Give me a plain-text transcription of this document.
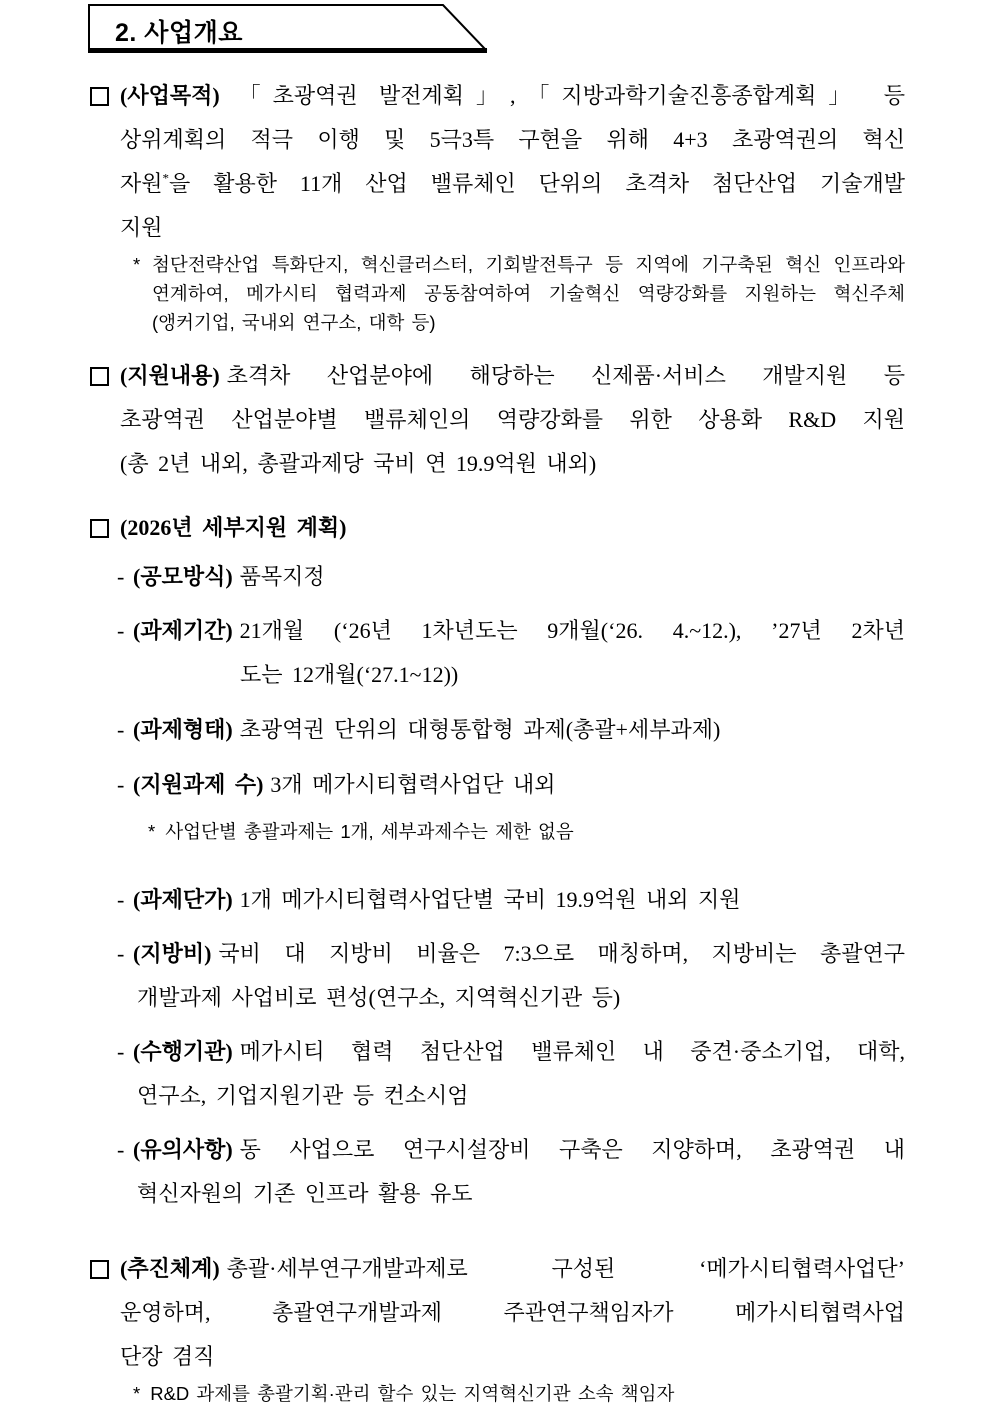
2. 사업개요
(사업목적) 「초광역권 발전계획」,「지방과학기술진흥종합계획」 등
상위계획의 적극 이행 및 5극3특 구현을 위해 4+3 초광역권의 혁신
자원*을 활용한 11개 산업 밸류체인 단위의 초격차 첨단산업 기술개발
지원
* 첨단전략산업 특화단지, 혁신클러스터, 기회발전특구 등 지역에 기구축된 혁신 인프라와
연계하여, 메가시티 협력과제 공동참여하여 기술혁신 역량강화를 지원하는 혁신주체
(앵커기업, 국내외 연구소, 대학 등)
(지원내용) 초격차 산업분야에 해당하는 신제품·서비스 개발지원 등
초광역권 산업분야별 밸류체인의 역량강화를 위한 상용화 R&D 지원
(총 2년 내외, 총괄과제당 국비 연 19.9억원 내외)
(2026년 세부지원 계획)
- (공모방식) 품목지정
- (과제기간) 21개월 (‘26년 1차년도는 9개월(‘26. 4.~12.), ’27년 2차년
도는 12개월(‘27.1~12))
- (과제형태) 초광역권 단위의 대형통합형 과제(총괄+세부과제)
- (지원과제 수) 3개 메가시티협력사업단 내외
* 사업단별 총괄과제는 1개, 세부과제수는 제한 없음
- (과제단가) 1개 메가시티협력사업단별 국비 19.9억원 내외 지원
- (지방비) 국비 대 지방비 비율은 7:3으로 매칭하며, 지방비는 총괄연구
개발과제 사업비로 편성(연구소, 지역혁신기관 등)
- (수행기관) 메가시티 협력 첨단산업 밸류체인 내 중견·중소기업, 대학,
연구소, 기업지원기관 등 컨소시엄
- (유의사항) 동 사업으로 연구시설장비 구축은 지양하며, 초광역권 내
혁신자원의 기존 인프라 활용 유도
(추진체계) 총괄·세부연구개발과제로 구성된 ‘메가시티협력사업단’
운영하며, 총괄연구개발과제 주관연구책임자가 메가시티협력사업
단장 겸직
* R&D 과제를 총괄기획·관리 할수 있는 지역혁신기관 소속 책임자
